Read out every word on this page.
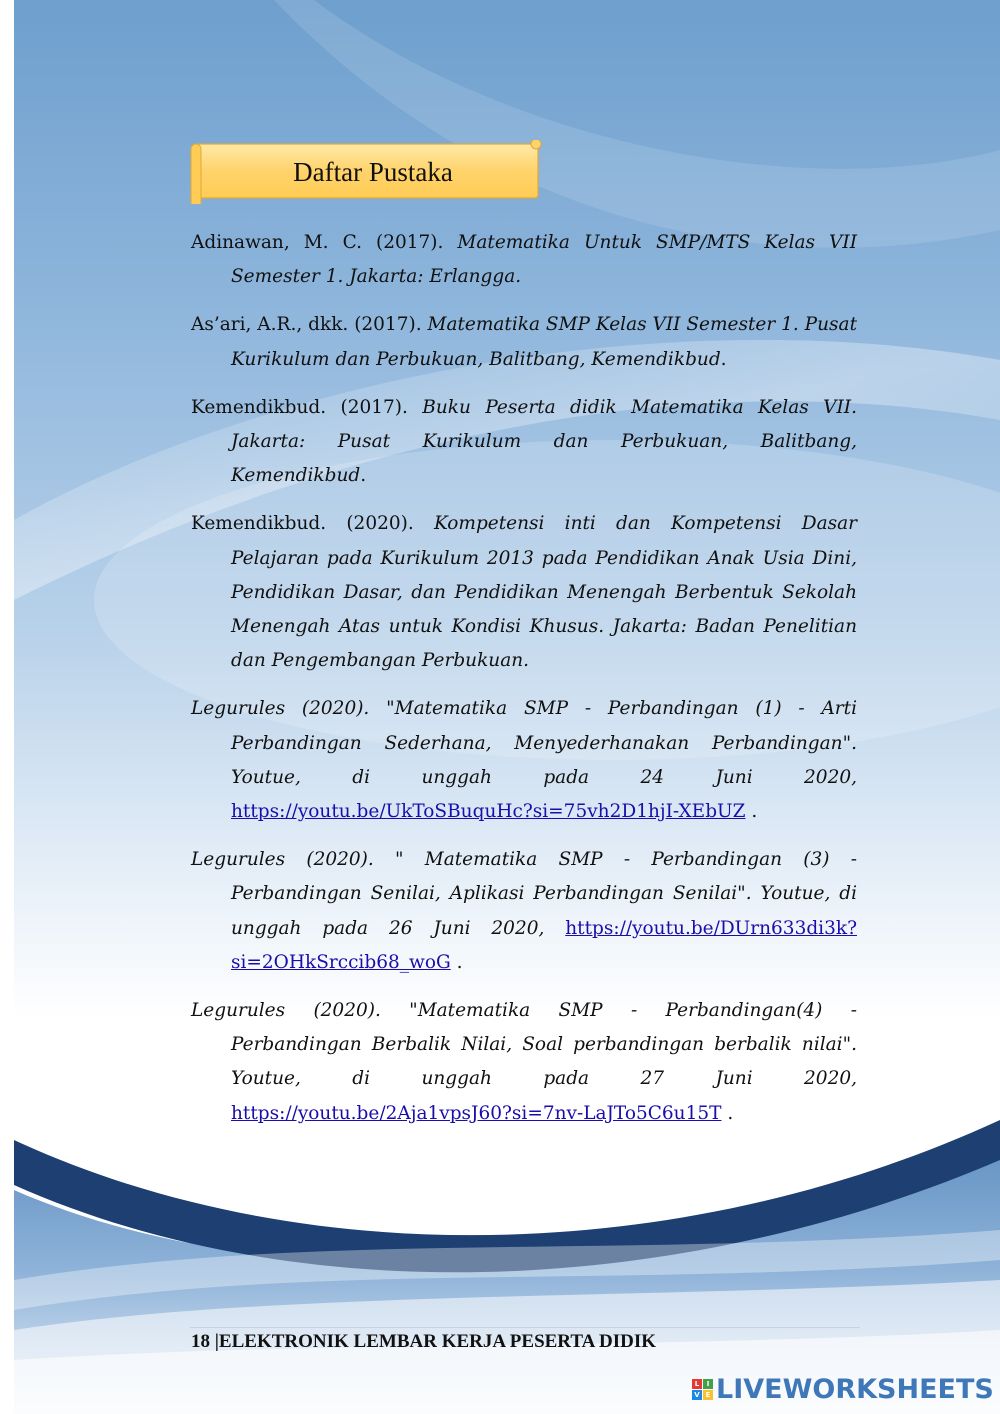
Daftar Pustaka

Adinawan, M. C. (2017). Matematika Untuk SMP/MTS Kelas VII Semester 1. Jakarta: Erlangga.

As’ari, A.R., dkk. (2017). Matematika SMP Kelas VII Semester 1. Pusat Kurikulum dan Perbukuan, Balitbang, Kemendikbud.

Kemendikbud. (2017). Buku Peserta didik Matematika Kelas VII. Jakarta: Pusat Kurikulum dan Perbukuan, Balitbang, Kemendikbud.

Kemendikbud. (2020). Kompetensi inti dan Kompetensi Dasar Pelajaran pada Kurikulum 2013 pada Pendidikan Anak Usia Dini, Pendidikan Dasar, dan Pendidikan Menengah Berbentuk Sekolah Menengah Atas untuk Kondisi Khusus. Jakarta: Badan Penelitian dan Pengembangan Perbukuan.

Legurules (2020). "Matematika SMP - Perbandingan (1) - Arti Perbandingan Sederhana, Menyederhanakan Perbandingan". Youtue, di unggah pada 24 Juni 2020, https://youtu.be/UkToSBuquHc?si=75vh2D1hjI-XEbUZ .

Legurules (2020). " Matematika SMP - Perbandingan (3) - Perbandingan Senilai, Aplikasi Perbandingan Senilai". Youtue, di unggah pada 26 Juni 2020, https://youtu.be/DUrn633di3k?si=2OHkSrccib68_woG .

Legurules (2020). "Matematika SMP - Perbandingan(4) - Perbandingan Berbalik Nilai, Soal perbandingan berbalik nilai". Youtue, di unggah pada 27 Juni 2020, https://youtu.be/2Aja1vpsJ60?si=7nv-LaJTo5C6u15T .

18 |ELEKTRONIK LEMBAR KERJA PESERTA DIDIK
L	I
V E LIVEWORKSHEETS
